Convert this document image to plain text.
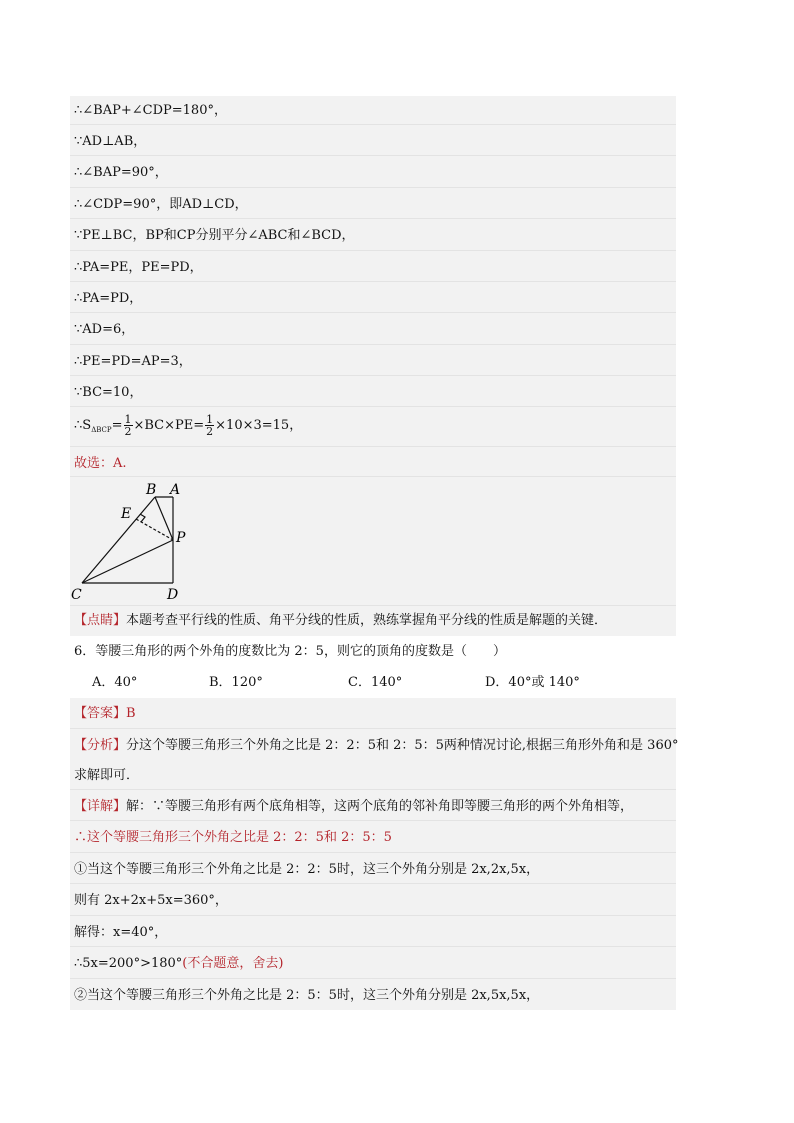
∴∠BAP+∠CDP=180°，
∵AD⊥AB，
∴∠BAP=90°，
∴∠CDP=90°，即AD⊥CD，
∵PE⊥BC，BP和CP分别平分∠ABC和∠BCD，
∴PA=PE，PE=PD，
∴PA=PD，
∵AD=6，
∴PE=PD=AP=3，
∵BC=10，
$\therefore S_{\Delta BCP}= \frac{1}{2} \times BC\times PE= \frac{1}{2} \times 10\times 3=15$，
故选：A.
B A
E
P
C	D
【点睛】本题考查平行线的性质、角平分线的性质，熟练掌握角平分线的性质是解题的关键．
6．等腰三角形的两个外角的度数比为 2：5，则它的顶角的度数是（　　）
A．40°	B．120°	C．140°	D．40°或 140°
【答案】B
【分析】分这个等腰三角形三个外角之比是 2：2：5和 2：5：5两种情况讨论,根据三角形外角和是 360°
求解即可．
【详解】解：∵等腰三角形有两个底角相等，这两个底角的邻补角即等腰三角形的两个外角相等，
∴这个等腰三角形三个外角之比是 2：2：5和 2：5：5
①当这个等腰三角形三个外角之比是 2：2：5时，这三个外角分别是 2x,2x,5x，
则有 2x+2x+5x=360°，
解得：x=40°，
∴5x=200°>180°(不合题意，舍去)
②当这个等腰三角形三个外角之比是 2：5：5时，这三个外角分别是 2x,5x,5x，
